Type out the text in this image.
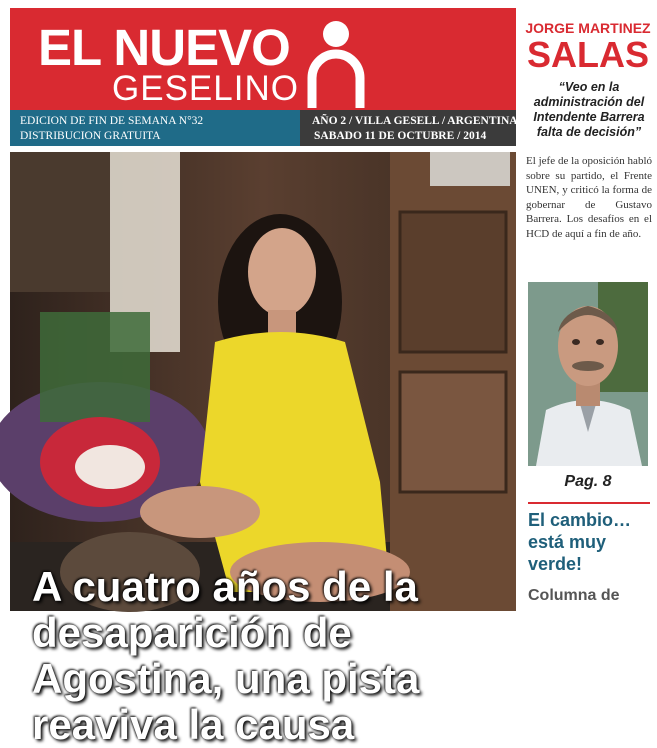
EL NUEVO
GESELINO
EDICION DE FIN DE SEMANA N°32
DISTRIBUCION GRATUITA
AÑO 2 / VILLA GESELL / ARGENTINA
SABADO 11 DE OCTUBRE / 2014
A cuatro años de la
desaparición de
Agostina, una pista
reaviva la causa
JORGE MARTINEZ
SALAS
“Veo en la administración del Intendente Barrera falta de decisión”
El jefe de la oposición habló sobre su partido, el Frente UNEN, y criticó la forma de gobernar de Gustavo Barrera. Los desafíos en el HCD de aquí a fin de año.
Pag. 8
El cambio… está muy verde!
Columna de
